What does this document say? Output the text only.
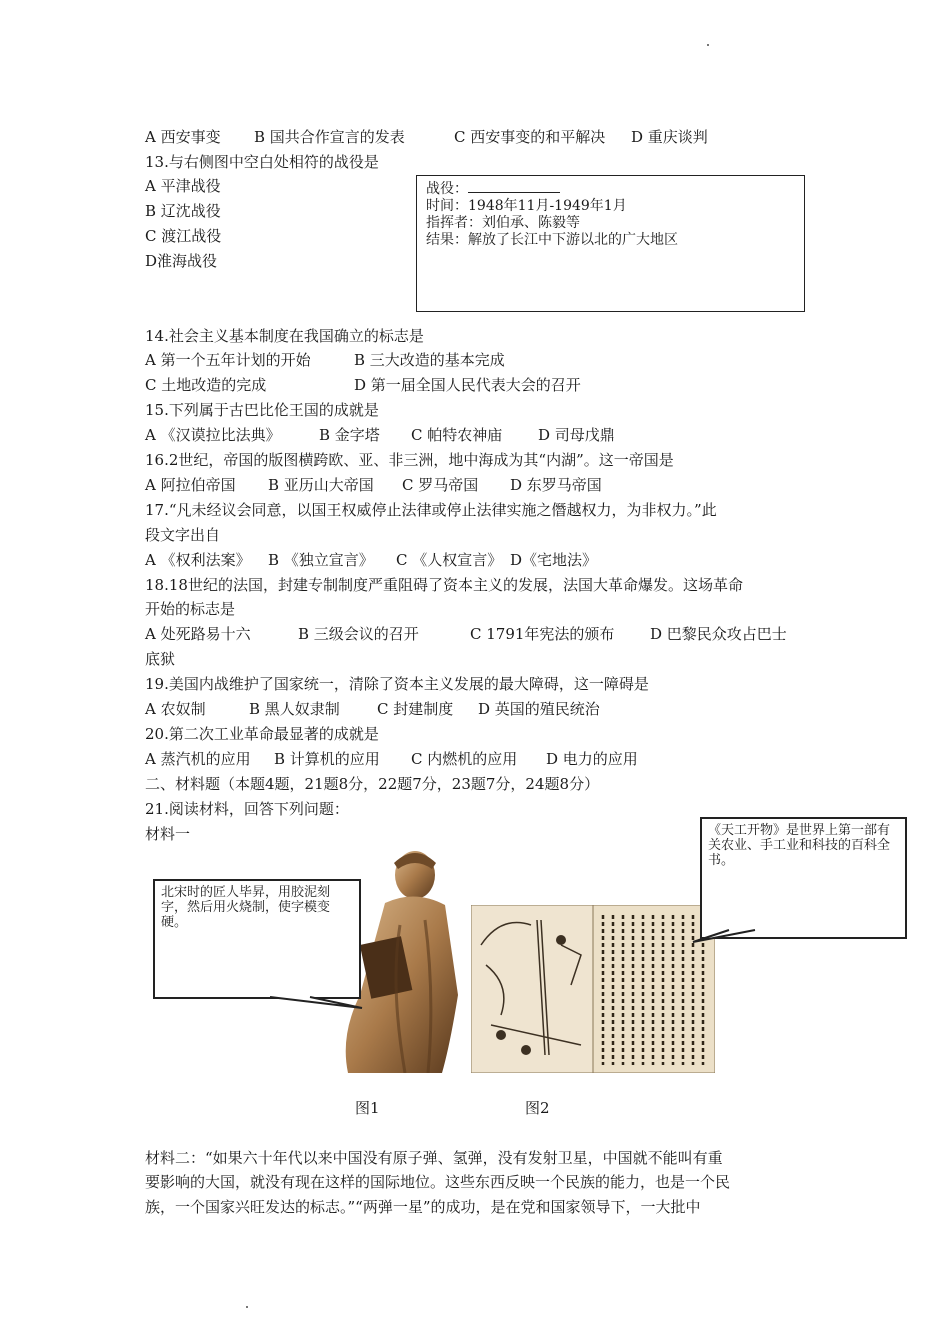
A 西安事变 B 国共合作宣言的发表	C 西安事变的和平解决 D 重庆谈判
13.与右侧图中空白处相符的战役是
A 平津战役
B 辽沈战役
C 渡江战役
D淮海战役
战役：
时间：1948年11月-1949年1月
指挥者：刘伯承、陈毅等
结果：解放了长江中下游以北的广大地区
14.社会主义基本制度在我国确立的标志是
A 第一个五年计划的开始	B 三大改造的基本完成
C 土地改造的完成	D 第一届全国人民代表大会的召开
15.下列属于古巴比伦王国的成就是
A 《汉谟拉比法典》	B 金字塔 C 帕特农神庙 D 司母戊鼎
16.2世纪，帝国的版图横跨欧、亚、非三洲，地中海成为其“内湖”。这一帝国是
A 阿拉伯帝国 B 亚历山大帝国 C 罗马帝国 D 东罗马帝国
17.“凡未经议会同意，以国王权威停止法律或停止法律实施之僭越权力，为非权力。”此
段文字出自
A 《权利法案》 B 《独立宣言》 C 《人权宣言》 D《宅地法》
18.18世纪的法国，封建专制制度严重阻碍了资本主义的发展，法国大革命爆发。这场革命
开始的标志是
A 处死路易十六	B 三级会议的召开	C 1791年宪法的颁布 D 巴黎民众攻占巴士
底狱
19.美国内战维护了国家统一，清除了资本主义发展的最大障碍，这一障碍是
A 农奴制	B 黑人奴隶制 C 封建制度 D 英国的殖民统治
20.第二次工业革命最显著的成就是
A 蒸汽机的应用 B 计算机的应用 C 内燃机的应用 D 电力的应用
二、材料题（本题4题，21题8分，22题7分，23题7分，24题8分）
21.阅读材料，回答下列问题：
材料一
北宋时的匠人毕昇，用胶泥刻字，然后用火烧制，使字模变硬。
《天工开物》是世界上第一部有关农业、手工业和科技的百科全书。
图1	图2
材料二：“如果六十年代以来中国没有原子弹、氢弹，没有发射卫星，中国就不能叫有重
要影响的大国，就没有现在这样的国际地位。这些东西反映一个民族的能力，也是一个民
族，一个国家兴旺发达的标志。”“两弹一星”的成功，是在党和国家领导下，一大批中
